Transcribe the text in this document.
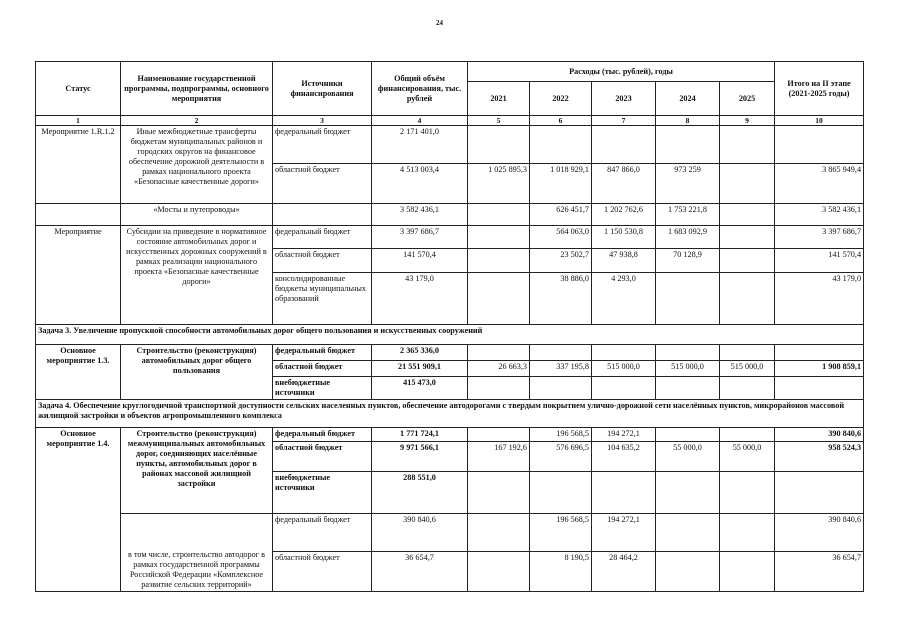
24
Статус	Наименование государственной программы, подпрограммы, основного мероприятия	Источники финансирования	Общий объём финансирования, тыс. рублей	Расходы (тыс. рублей), годы					Итого на II этапе (2021-2025 годы)
				2021	2022	2023	2024	2025	
1	2	3	4	5	6	7	8	9	10
Мероприятие 1.R.1.2	Иные межбюджетные трансферты бюджетам муниципальных районов и городских округов на финансовое обеспечение дорожной деятельности в рамках национального проекта «Безопасные качественные дороги»	федеральный бюджет	2 171 401,0						
		областной бюджет	4 513 003,4	1 025 895,3	1 018 929,1	847 866,0	973 259		3 865 949,4
	«Мосты и путепроводы»		3 582 436,1		626 451,7	1 202 762,6	1 753 221,8		3 582 436,1
Мероприятие	Субсидии на приведение в нормативное состояние автомобильных дорог и искусственных дорожных сооружений в рамках реализации национального проекта «Безопасные качественные дороги»	федеральный бюджет	3 397 686,7		564 063,0	1 150 530,8	1 683 092,9		3 397 686,7
		областной бюджет	141 570,4		23 502,7	47 938,8	70 128,9		141 570,4
		консолидированные бюджеты муниципальных образований	43 179,0		38 886,0	4 293,0			43 179,0
Задача 3. Увеличение пропускной способности автомобильных дорог общего пользования и искусственных сооружений									
Основное мероприятие 1.3.	Строительство (реконструкция) автомобильных дорог общего пользования	федеральный бюджет	2 365 336,0						
		областной бюджет	21 551 909,1	26 663,3	337 195,8	515 000,0	515 000,0	515 000,0	1 908 859,1
		внебюджетные источники	415 473,0						
Задача 4. Обеспечение круглогодичной транспортной доступности сельских населенных пунктов, обеспечение автодорогами с твердым покрытием улично-дорожной сети населённых пунктов, микрорайонов массовой жилищной застройки и объектов агропромышленного комплекса									
Основное мероприятие 1.4.	Строительство (реконструкция) межмуниципальных автомобильных дорог, соединяющих населённые пункты, автомобильных дорог в районах массовой жилищной застройки	федеральный бюджет	1 771 724,1		196 568,5	194 272,1			390 840,6
		областной бюджет	9 971 566,1	167 192,6	576 696,5	104 635,2	55 000,0	55 000,0	958 524,3
		внебюджетные источники	288 551,0						
	в том числе, строительство автодорог в рамках государственной программы Российской Федерации «Комплексное развитие сельских территорий»	федеральный бюджет	390 840,6		196 568,5	194 272,1			390 840,6
		областной бюджет	36 654,7		8 190,5	28 464,2			36 654,7
